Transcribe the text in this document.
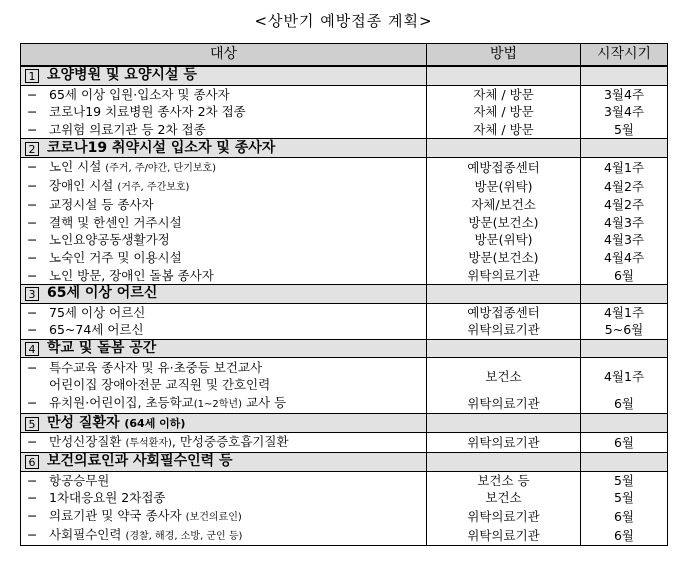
<상반기 예방접종 계획>
대상	방법	시작시기
1 요양병원 및 요양시설 등		
− 65세 이상 입원·입소자 및 종사자	자체 / 방문	3월4주
− 코로나19 치료병원 종사자 2차 접종	자체 / 방문	3월4주
− 고위험 의료기관 등 2차 접종	자체 / 방문	5월
2 코로나19 취약시설 입소자 및 종사자		
− 노인 시설 (주거, 주/야간, 단기보호)	예방접종센터	4월1주
− 장애인 시설 (거주, 주간보호)	방문(위탁)	4월2주
− 교정시설 등 종사자	자체/보건소	4월2주
− 결핵 및 한센인 거주시설	방문(보건소)	4월3주
− 노인요양공동생활가정	방문(위탁)	4월3주
− 노숙인 거주 및 이용시설	방문(보건소)	4월4주
− 노인 방문, 장애인 돌봄 종사자	위탁의료기관	6월
3 65세 이상 어르신		
− 75세 이상 어르신	예방접종센터	4월1주
− 65~74세 어르신	위탁의료기관	5~6월
4 학교 및 돌봄 공간		
− 특수교육 종사자 및 유·초중등 보건교사
어린이집 장애아전문 교직원 및 간호인력	보건소	4월1주
− 유치원·어린이집, 초등학교(1~2학년) 교사 등	위탁의료기관	6월
5 만성 질환자 (64세 이하)		
− 만성신장질환 (투석환자), 만성중증호흡기질환	위탁의료기관	6월
6 보건의료인과 사회필수인력 등		
− 항공승무원	보건소 등	5월
− 1차대응요원 2차접종	보건소	5월
− 의료기관 및 약국 종사자 (보건의료인)	위탁의료기관	6월
− 사회필수인력 (경찰, 해경, 소방, 군인 등)	위탁의료기관	6월
